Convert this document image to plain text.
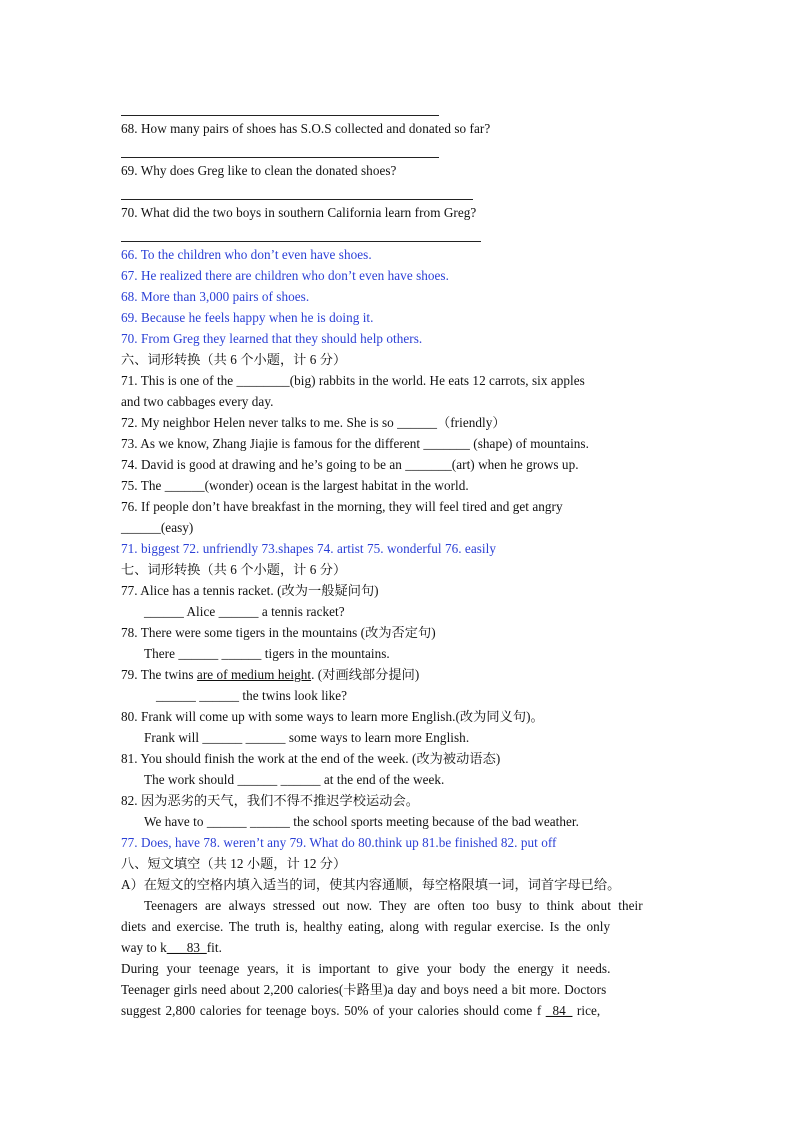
68. How many pairs of shoes has S.O.S collected and donated so far?
69. Why does Greg like to clean the donated shoes?
70. What did the two boys in southern California learn from Greg?
66. To the children who don’t even have shoes.
67. He realized there are children who don’t even have shoes.
68. More than 3,000 pairs of shoes.
69. Because he feels happy when he is doing it.
70. From Greg they learned that they should help others.
六、词形转换（共 6 个小题，计 6 分）
71. This is one of the ________(big) rabbits in the world. He eats 12 carrots, six apples
and two cabbages every day.
72. My neighbor Helen never talks to me. She is so ______（friendly）
73. As we know, Zhang Jiajie is famous for the different _______ (shape) of mountains.
74. David is good at drawing and he’s going to be an _______(art) when he grows up.
75. The ______(wonder) ocean is the largest habitat in the world.
76. If people don’t have breakfast in the morning, they will feel tired and get angry
______(easy)
71. biggest 72. unfriendly 73.shapes 74. artist 75. wonderful 76. easily
七、词形转换（共 6 个小题，计 6 分）
77. Alice has a tennis racket. (改为一般疑问句)
______ Alice ______ a tennis racket?
78. There were some tigers in the mountains (改为否定句)
There ______ ______ tigers in the mountains.
79. The twins are of medium height. (对画线部分提问)
______ ______ the twins look like?
80. Frank will come up with some ways to learn more English.(改为同义句)。
Frank will ______ ______ some ways to learn more English.
81. You should finish the work at the end of the week. (改为被动语态)
The work should ______ ______ at the end of the week.
82. 因为恶劣的天气，我们不得不推迟学校运动会。
We have to ______ ______ the school sports meeting because of the bad weather.
77. Does, have 78. weren’t any 79. What do 80.think up 81.be finished 82. put off
八、短文填空（共 12 小题，计 12 分）
A）在短文的空格内填入适当的词，使其内容通顺，每空格限填一词，词首字母已给。
Teenagers are always stressed out now. They are often too busy to think about their
diets and exercise. The truth is, healthy eating, along with regular exercise. Is the only
way to k___83_fit.
During your teenage years, it is important to give your body the energy it needs.
Teenager girls need about 2,200 calories(卡路里)a day and boys need a bit more. Doctors
suggest 2,800 calories for teenage boys. 50% of your calories should come f _84_ rice,
